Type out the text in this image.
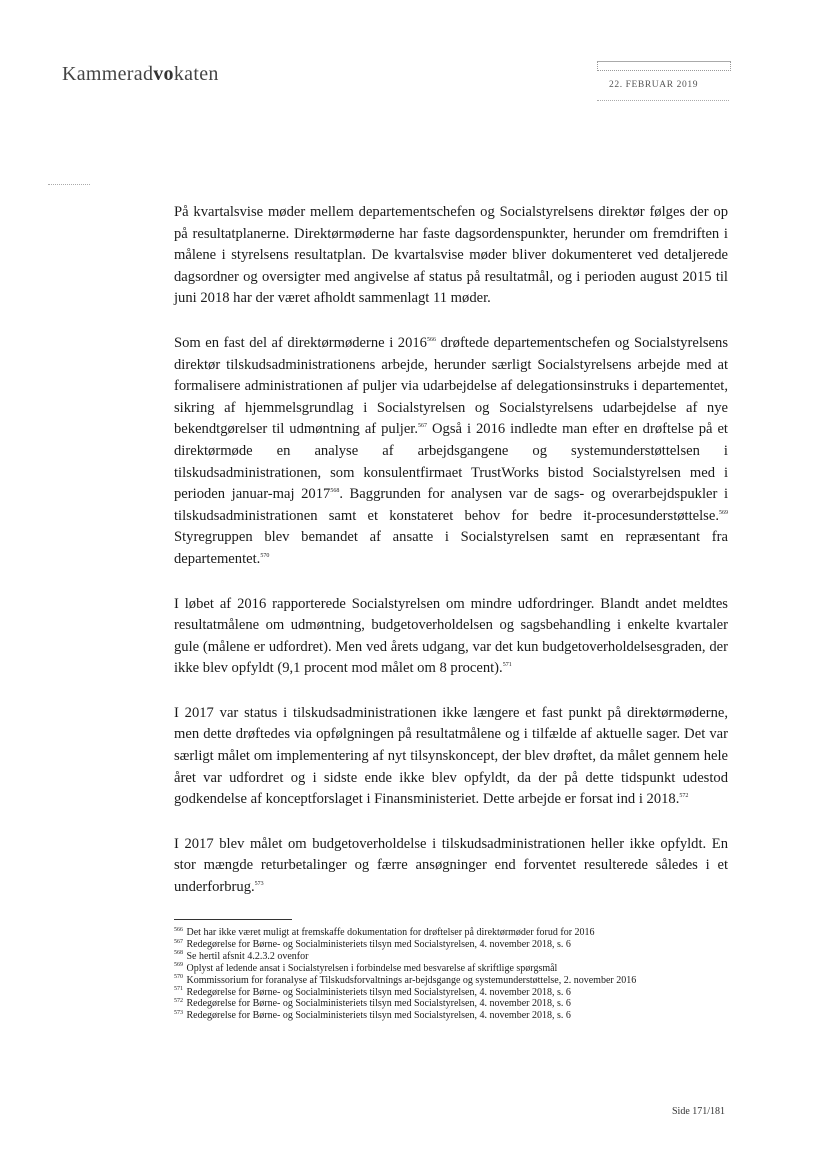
Kammeradvokaten	22. FEBRUAR 2019

På kvartalsvise møder mellem departementschefen og Socialstyrelsens direktør følges der op på resultatplanerne. Direktørmøderne har faste dagsordenspunkter, herunder om fremdriften i målene i styrelsens resultatplan. De kvartalsvise møder bliver dokumenteret ved detaljerede dagsordner og oversigter med angivelse af status på resultatmål, og i perioden august 2015 til juni 2018 har der været afholdt sammenlagt 11 møder.

Som en fast del af direktørmøderne i 2016$^{566}$ drøftede departementschefen og Socialstyrelsens direktør tilskudsadministrationens arbejde, herunder særligt Socialstyrelsens arbejde med at formalisere administrationen af puljer via udarbejdelse af delegationsinstruks i departementet, sikring af hjemmelsgrundlag i Socialstyrelsen og Socialstyrelsens udarbejdelse af nye bekendtgørelser til udmøntning af puljer.$^{567}$ Også i 2016 indledte man efter en drøftelse på et direktørmøde en analyse af arbejdsgangene og systemunderstøttelsen i tilskudsadministrationen, som konsulentfirmaet TrustWorks bistod Socialstyrelsen med i perioden januar-maj 2017$^{568}$. Baggrunden for analysen var de sags- og overarbejdspukler i tilskudsadministrationen samt et konstateret behov for bedre it-procesunderstøttelse.$^{569}$ Styregruppen blev bemandet af ansatte i Socialstyrelsen samt en repræsentant fra departementet.$^{570}$

I løbet af 2016 rapporterede Socialstyrelsen om mindre udfordringer. Blandt andet meldtes resultatmålene om udmøntning, budgetoverholdelsen og sagsbehandling i enkelte kvartaler gule (målene er udfordret). Men ved årets udgang, var det kun budgetoverholdelsesgraden, der ikke blev opfyldt (9,1 procent mod målet om 8 procent).$^{571}$

I 2017 var status i tilskudsadministrationen ikke længere et fast punkt på direktørmøderne, men dette drøftedes via opfølgningen på resultatmålene og i tilfælde af aktuelle sager. Det var særligt målet om implementering af nyt tilsynskoncept, der blev drøftet, da målet gennem hele året var udfordret og i sidste ende ikke blev opfyldt, da der på dette tidspunkt udestod godkendelse af konceptforslaget i Finansministeriet. Dette arbejde er forsat ind i 2018.$^{572}$

I 2017 blev målet om budgetoverholdelse i tilskudsadministrationen heller ikke opfyldt. En stor mængde returbetalinger og færre ansøgninger end forventet resulterede således i et underforbrug.$^{573}$

$^{566}$ Det har ikke været muligt at fremskaffe dokumentation for drøftelser på direktørmøder forud for 2016
$^{567}$ Redegørelse for Børne- og Socialministeriets tilsyn med Socialstyrelsen, 4. november 2018, s. 6
$^{568}$ Se hertil afsnit 4.2.3.2 ovenfor
$^{569}$ Oplyst af ledende ansat i Socialstyrelsen i forbindelse med besvarelse af skriftlige spørgsmål
$^{570}$ Kommissorium for foranalyse af Tilskudsforvaltnings ar-bejdsgange og systemunderstøttelse, 2. november 2016
$^{571}$ Redegørelse for Børne- og Socialministeriets tilsyn med Socialstyrelsen, 4. november 2018, s. 6
$^{572}$ Redegørelse for Børne- og Socialministeriets tilsyn med Socialstyrelsen, 4. november 2018, s. 6
$^{573}$ Redegørelse for Børne- og Socialministeriets tilsyn med Socialstyrelsen, 4. november 2018, s. 6
Side 171/181
